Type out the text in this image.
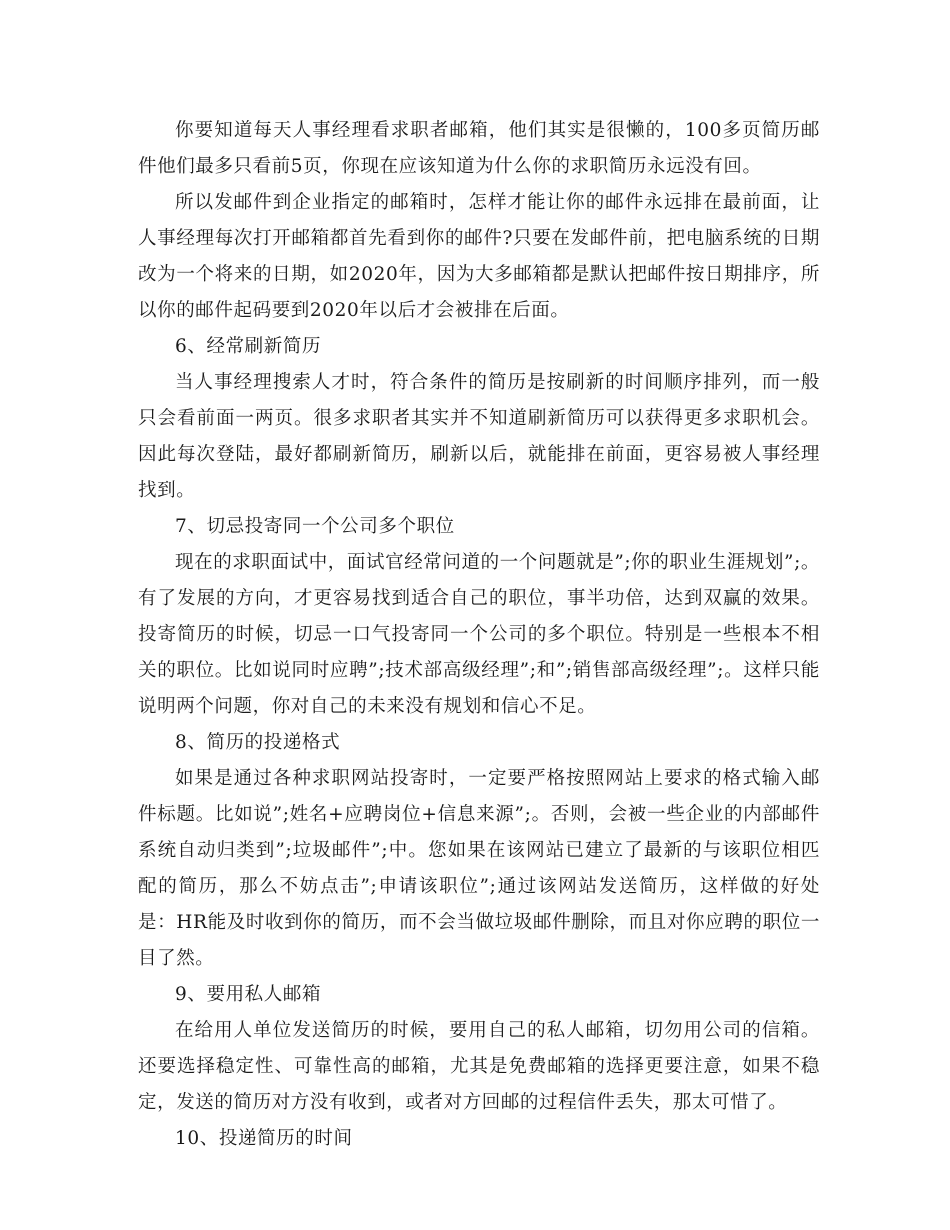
你要知道每天人事经理看求职者邮箱，他们其实是很懒的，100多页简历邮件他们最多只看前5页，你现在应该知道为什么你的求职简历永远没有回。

所以发邮件到企业指定的邮箱时，怎样才能让你的邮件永远排在最前面，让人事经理每次打开邮箱都首先看到你的邮件?只要在发邮件前，把电脑系统的日期改为一个将来的日期，如2020年，因为大多邮箱都是默认把邮件按日期排序，所以你的邮件起码要到2020年以后才会被排在后面。

6、经常刷新简历

当人事经理搜索人才时，符合条件的简历是按刷新的时间顺序排列，而一般只会看前面一两页。很多求职者其实并不知道刷新简历可以获得更多求职机会。因此每次登陆，最好都刷新简历，刷新以后，就能排在前面，更容易被人事经理找到。

7、切忌投寄同一个公司多个职位

现在的求职面试中，面试官经常问道的一个问题就是”;你的职业生涯规划”;。有了发展的方向，才更容易找到适合自己的职位，事半功倍，达到双赢的效果。投寄简历的时候，切忌一口气投寄同一个公司的多个职位。特别是一些根本不相关的职位。比如说同时应聘”;技术部高级经理”;和”;销售部高级经理”;。这样只能说明两个问题，你对自己的未来没有规划和信心不足。

8、简历的投递格式

如果是通过各种求职网站投寄时，一定要严格按照网站上要求的格式输入邮件标题。比如说”;姓名+应聘岗位+信息来源”;。否则，会被一些企业的内部邮件系统自动归类到”;垃圾邮件”;中。您如果在该网站已建立了最新的与该职位相匹配的简历，那么不妨点击”;申请该职位”;通过该网站发送简历，这样做的好处是：HR能及时收到你的简历，而不会当做垃圾邮件删除，而且对你应聘的职位一目了然。

9、要用私人邮箱

在给用人单位发送简历的时候，要用自己的私人邮箱，切勿用公司的信箱。还要选择稳定性、可靠性高的邮箱，尤其是免费邮箱的选择更要注意，如果不稳定，发送的简历对方没有收到，或者对方回邮的过程信件丢失，那太可惜了。

10、投递简历的时间
